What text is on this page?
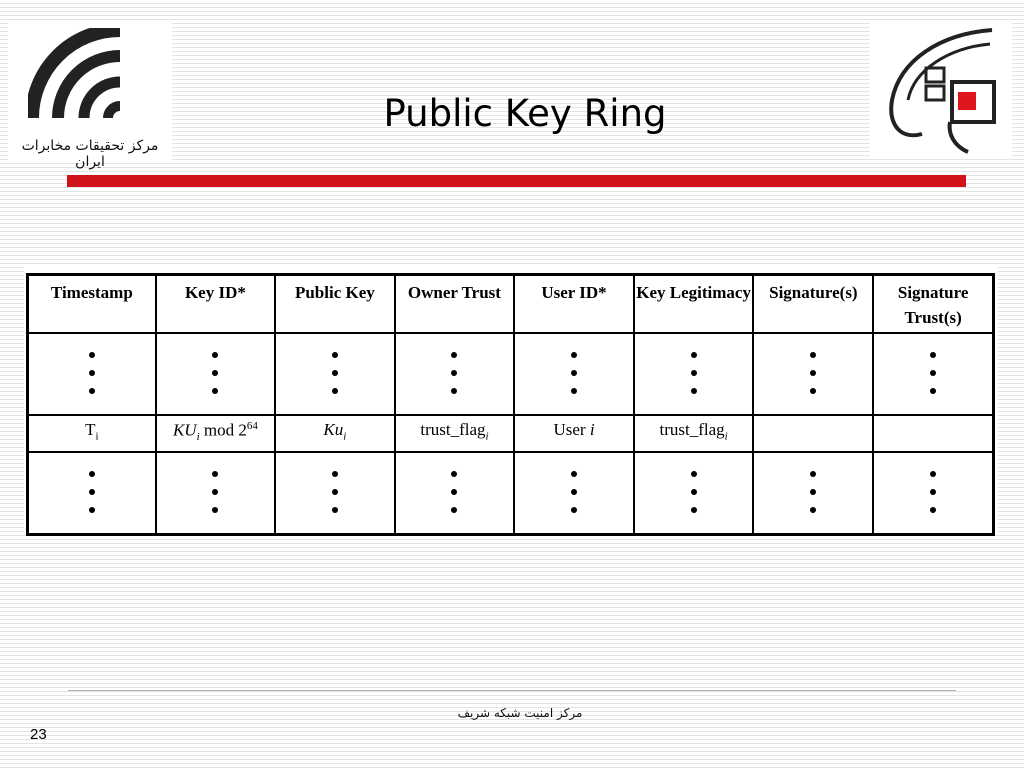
مرکز تحقیقات مخابرات ایران
Public Key Ring
Timestamp	Key ID*	Public Key	Owner Trust	User ID*	Key Legitimacy	Signature(s)	Signature Trust(s)

$T_i$	$KU_i$ mod $2^{64}$	$Ku_i$	trust_flag$_i$	User i	trust_flag$_i$		

مرکز امنیت شبکه شریف
23
